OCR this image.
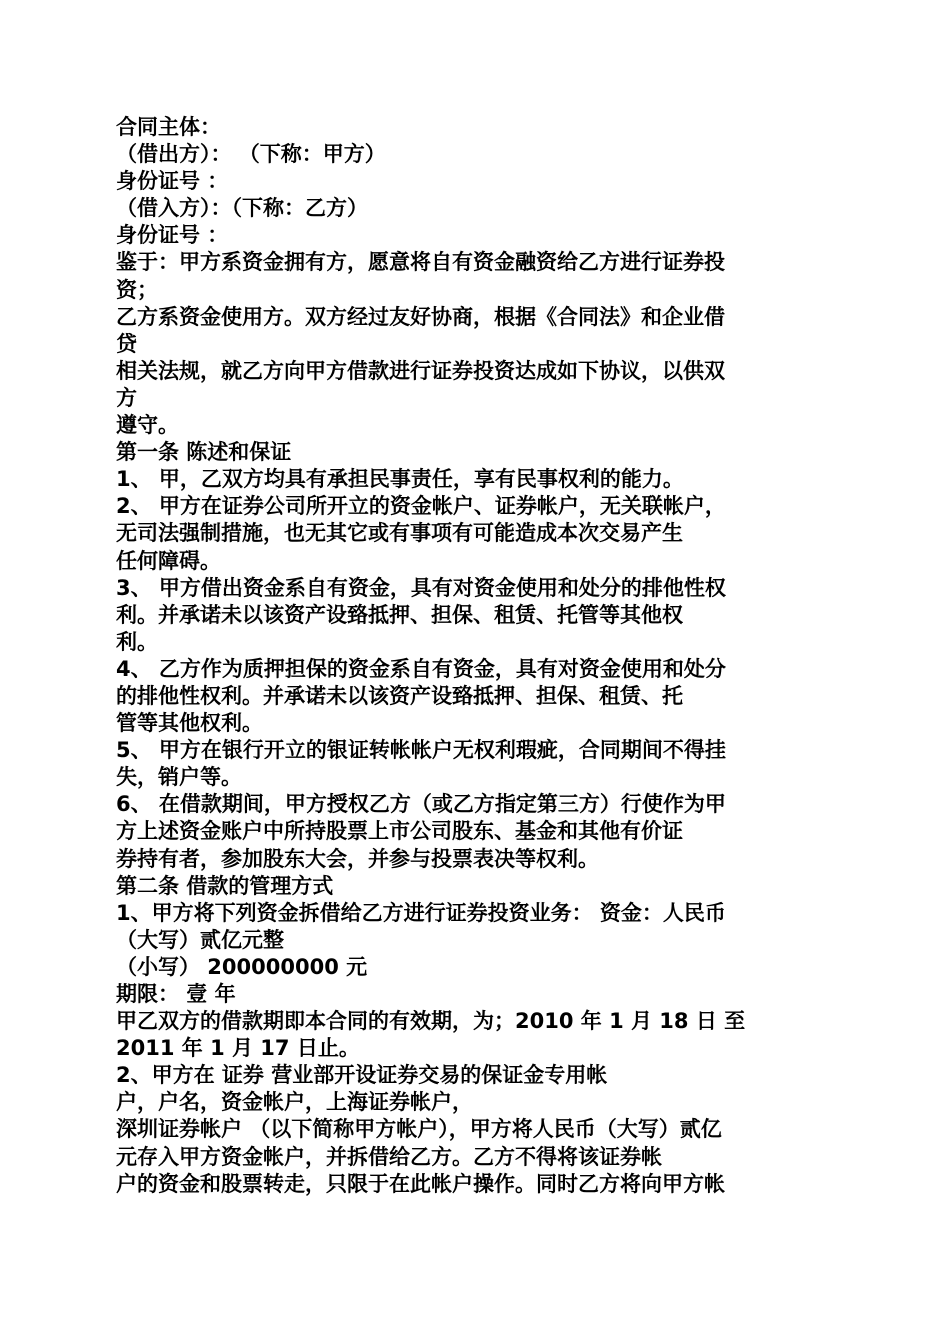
合同主体：
（借出方）： （下称：甲方）
身份证号 ：
（借入方）：（下称：乙方）
身份证号 ：
鉴于：甲方系资金拥有方，愿意将自有资金融资给乙方进行证券投
资；
乙方系资金使用方。双方经过友好协商，根据《合同法》和企业借
贷
相关法规，就乙方向甲方借款进行证券投资达成如下协议，以供双
方
遵守。
第一条 陈述和保证
1、 甲，乙双方均具有承担民事责任，享有民事权利的能力。
2、 甲方在证券公司所开立的资金帐户、证券帐户，无关联帐户，
无司法强制措施，也无其它或有事项有可能造成本次交易产生
任何障碍。
3、 甲方借出资金系自有资金，具有对资金使用和处分的排他性权
利。并承诺未以该资产设臵抵押、担保、租赁、托管等其他权
利。
4、 乙方作为质押担保的资金系自有资金，具有对资金使用和处分
的排他性权利。并承诺未以该资产设臵抵押、担保、租赁、托
管等其他权利。
5、 甲方在银行开立的银证转帐帐户无权利瑕疵，合同期间不得挂
失，销户等。
6、 在借款期间，甲方授权乙方（或乙方指定第三方）行使作为甲
方上述资金账户中所持股票上市公司股东、基金和其他有价证
券持有者，参加股东大会，并参与投票表决等权利。
第二条 借款的管理方式
1、甲方将下列资金拆借给乙方进行证券投资业务： 资金：人民币
（大写）贰亿元整
（小写） 200000000 元
期限： 壹 年
甲乙双方的借款期即本合同的有效期，为；2010 年 1 月 18 日 至
2011 年 1 月 17 日止。
2、甲方在 证券 营业部开设证券交易的保证金专用帐
户，户名，资金帐户，上海证券帐户，
深圳证券帐户 （以下简称甲方帐户），甲方将人民币（大写）贰亿
元存入甲方资金帐户，并拆借给乙方。乙方不得将该证券帐
户的资金和股票转走，只限于在此帐户操作。同时乙方将向甲方帐
